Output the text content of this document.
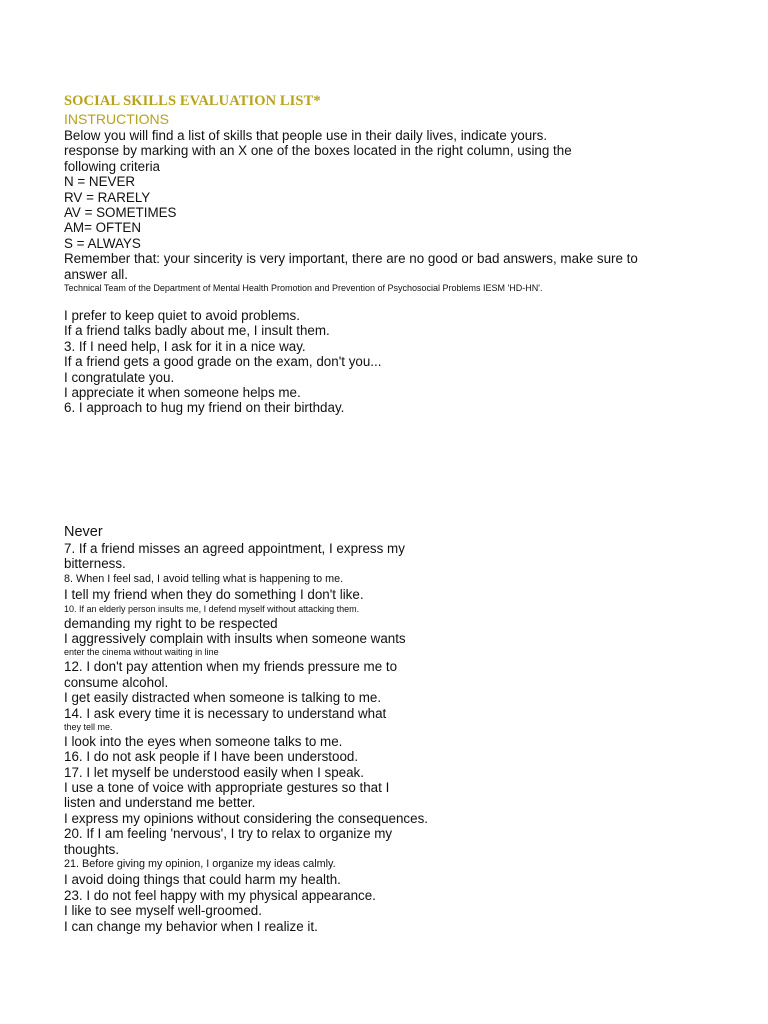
SOCIAL SKILLS EVALUATION LIST*
INSTRUCTIONS
Below you will find a list of skills that people use in their daily lives, indicate yours.
response by marking with an X one of the boxes located in the right column, using the
following criteria
N = NEVER
RV = RARELY
AV = SOMETIMES
AM= OFTEN
S = ALWAYS
Remember that: your sincerity is very important, there are no good or bad answers, make sure to
answer all.
Technical Team of the Department of Mental Health Promotion and Prevention of Psychosocial Problems IESM 'HD-HN'.
I prefer to keep quiet to avoid problems.
If a friend talks badly about me, I insult them.
3. If I need help, I ask for it in a nice way.
If a friend gets a good grade on the exam, don't you...
I congratulate you.
I appreciate it when someone helps me.
6. I approach to hug my friend on their birthday.
Never
7. If a friend misses an agreed appointment, I express my
bitterness.
8. When I feel sad, I avoid telling what is happening to me.
I tell my friend when they do something I don't like.
10. If an elderly person insults me, I defend myself without attacking them.
demanding my right to be respected
I aggressively complain with insults when someone wants
enter the cinema without waiting in line
12. I don't pay attention when my friends pressure me to
consume alcohol.
I get easily distracted when someone is talking to me.
14. I ask every time it is necessary to understand what
they tell me.
I look into the eyes when someone talks to me.
16. I do not ask people if I have been understood.
17. I let myself be understood easily when I speak.
I use a tone of voice with appropriate gestures so that I
listen and understand me better.
I express my opinions without considering the consequences.
20. If I am feeling 'nervous', I try to relax to organize my
thoughts.
21. Before giving my opinion, I organize my ideas calmly.
I avoid doing things that could harm my health.
23. I do not feel happy with my physical appearance.
I like to see myself well-groomed.
I can change my behavior when I realize it.
